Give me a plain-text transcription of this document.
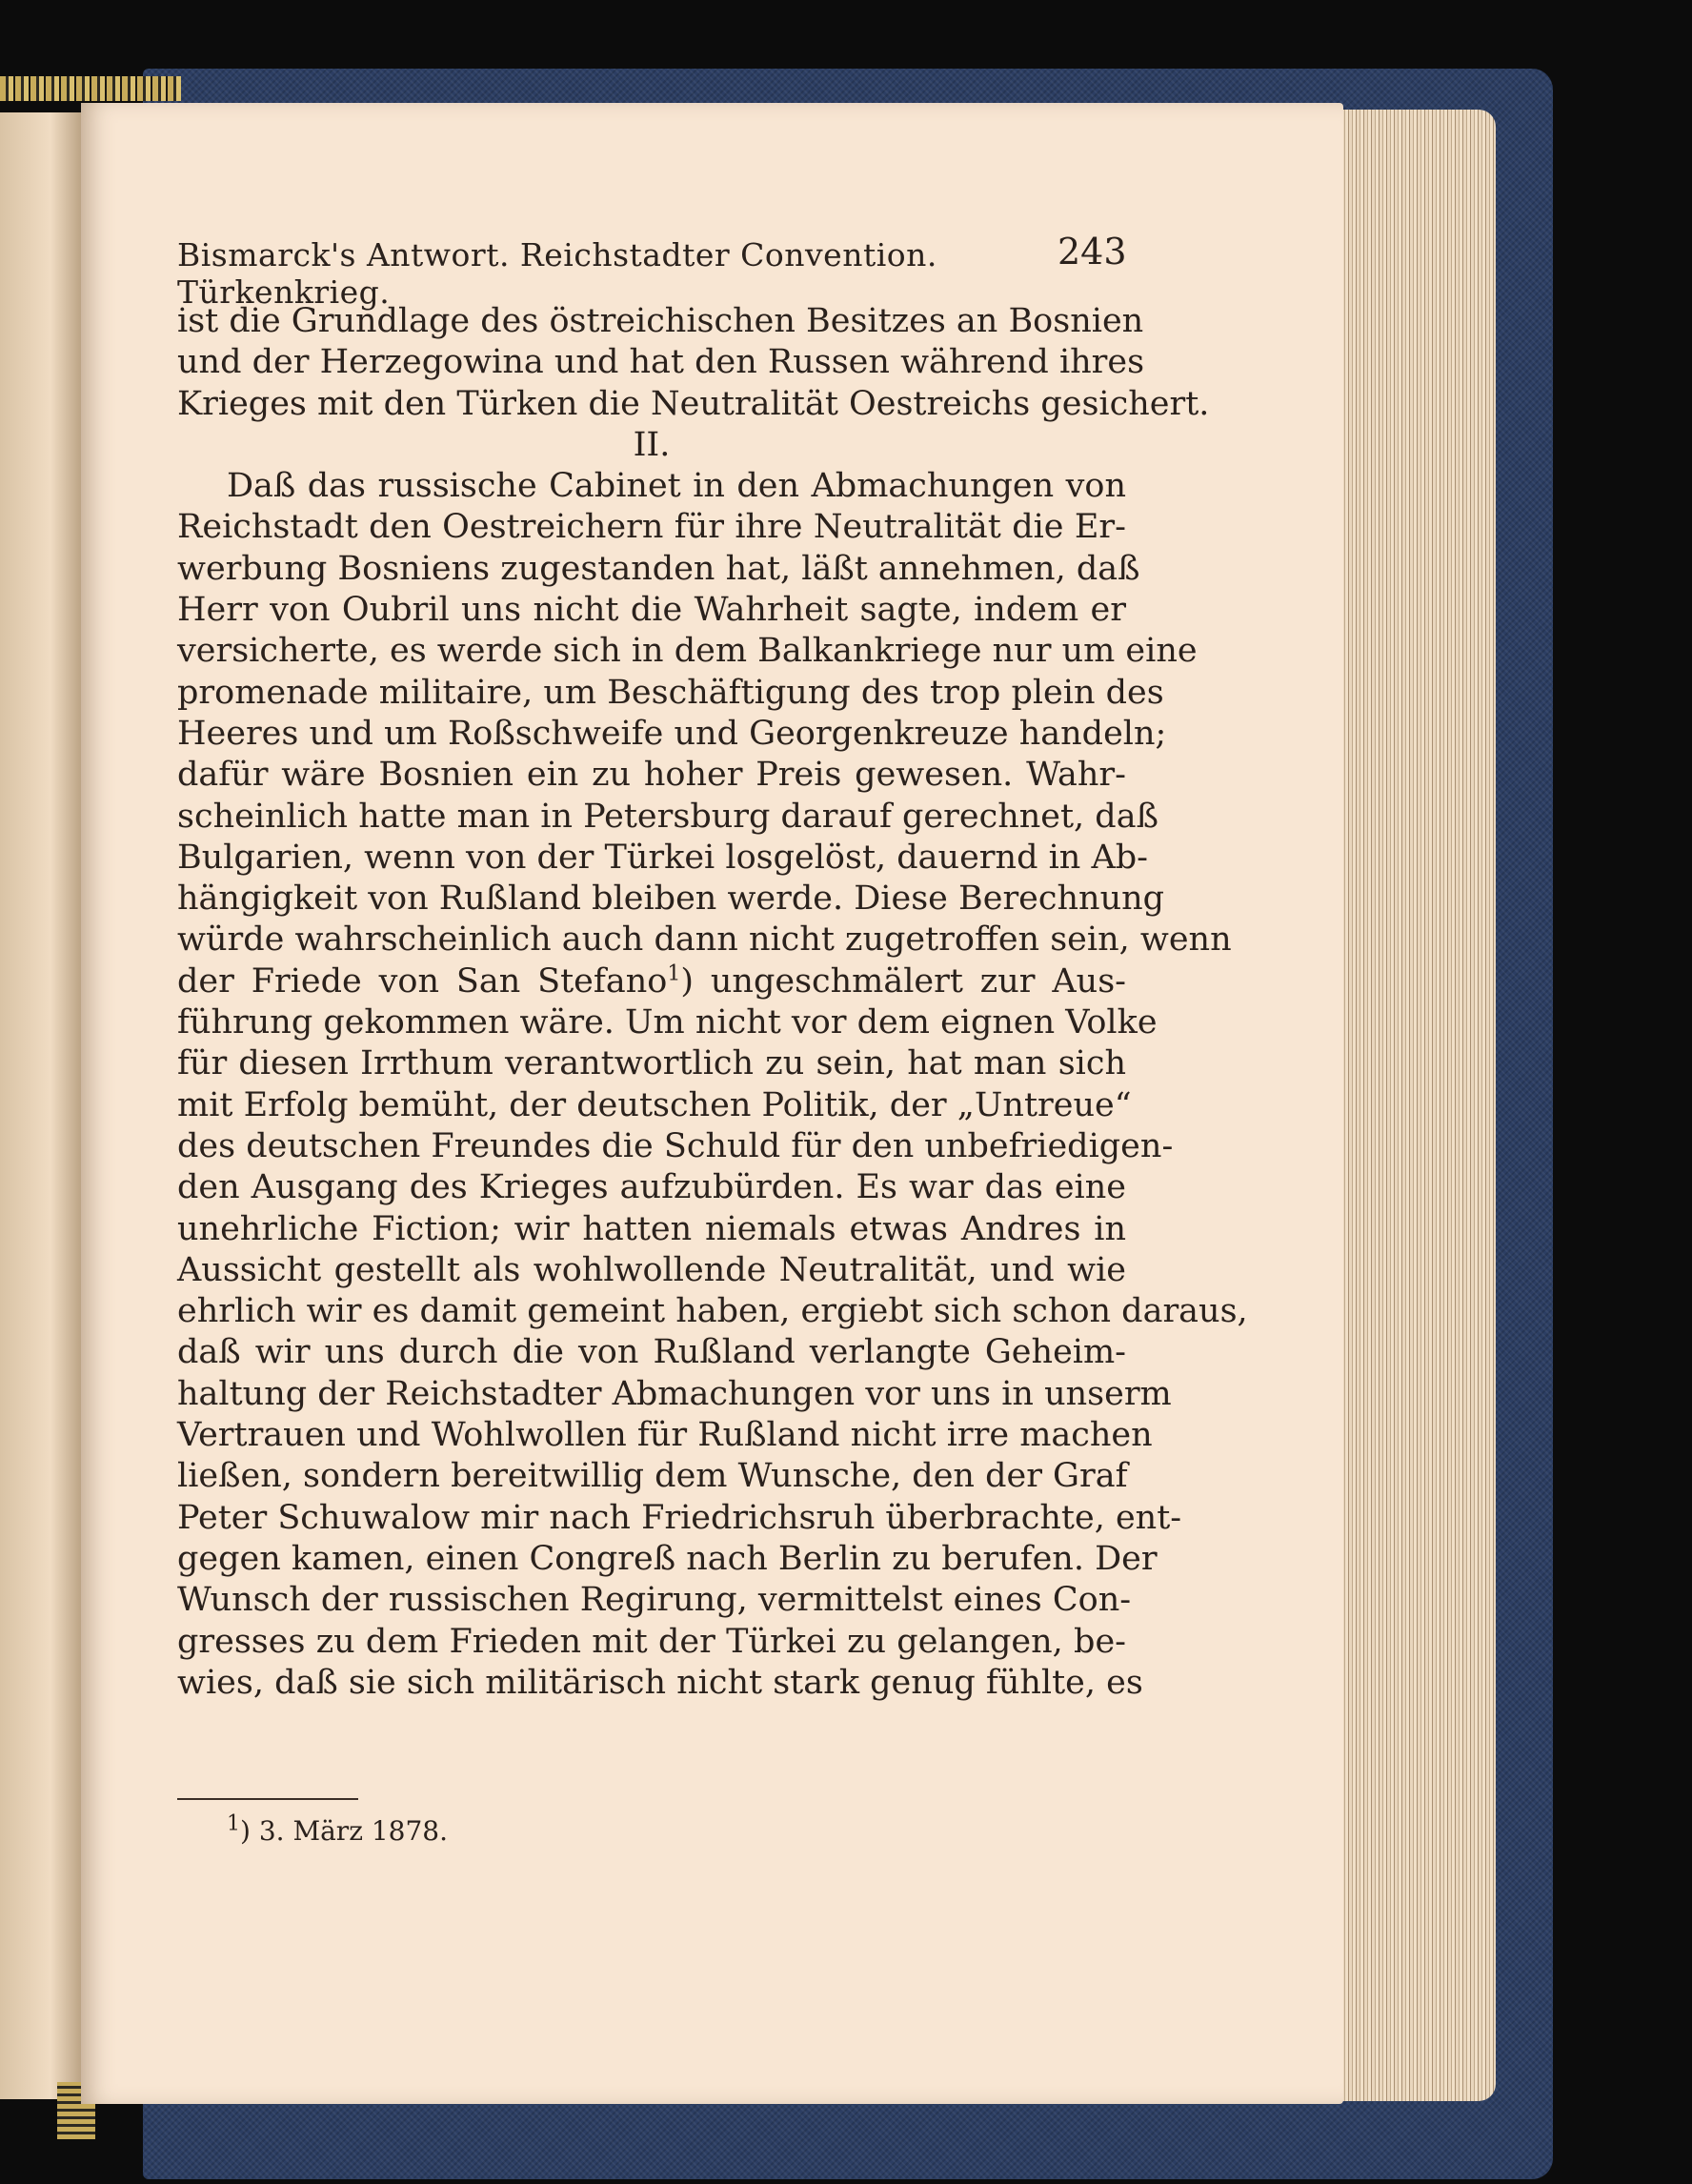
Bismarck's Antwort. Reichstadter Convention. Türkenkrieg.
243
ist die Grundlage des östreichischen Besitzes an Bosnien
und der Herzegowina und hat den Russen während ihres
Krieges mit den Türken die Neutralität Oestreichs gesichert.
II.
Daß das russische Cabinet in den Abmachungen von
Reichstadt den Oestreichern für ihre Neutralität die Er-
werbung Bosniens zugestanden hat, läßt annehmen, daß
Herr von Oubril uns nicht die Wahrheit sagte, indem er
versicherte, es werde sich in dem Balkankriege nur um eine
promenade militaire, um Beschäftigung des trop plein des
Heeres und um Roßschweife und Georgenkreuze handeln;
dafür wäre Bosnien ein zu hoher Preis gewesen. Wahr-
scheinlich hatte man in Petersburg darauf gerechnet, daß
Bulgarien, wenn von der Türkei losgelöst, dauernd in Ab-
hängigkeit von Rußland bleiben werde. Diese Berechnung
würde wahrscheinlich auch dann nicht zugetroffen sein, wenn
der Friede von San Stefano$^1$) ungeschmälert zur Aus-
führung gekommen wäre. Um nicht vor dem eignen Volke
für diesen Irrthum verantwortlich zu sein, hat man sich
mit Erfolg bemüht, der deutschen Politik, der „Untreue“
des deutschen Freundes die Schuld für den unbefriedigen-
den Ausgang des Krieges aufzubürden. Es war das eine
unehrliche Fiction; wir hatten niemals etwas Andres in
Aussicht gestellt als wohlwollende Neutralität, und wie
ehrlich wir es damit gemeint haben, ergiebt sich schon daraus,
daß wir uns durch die von Rußland verlangte Geheim-
haltung der Reichstadter Abmachungen vor uns in unserm
Vertrauen und Wohlwollen für Rußland nicht irre machen
ließen, sondern bereitwillig dem Wunsche, den der Graf
Peter Schuwalow mir nach Friedrichsruh überbrachte, ent-
gegen kamen, einen Congreß nach Berlin zu berufen. Der
Wunsch der russischen Regirung, vermittelst eines Con-
gresses zu dem Frieden mit der Türkei zu gelangen, be-
wies, daß sie sich militärisch nicht stark genug fühlte, es
$^1$) 3. März 1878.
